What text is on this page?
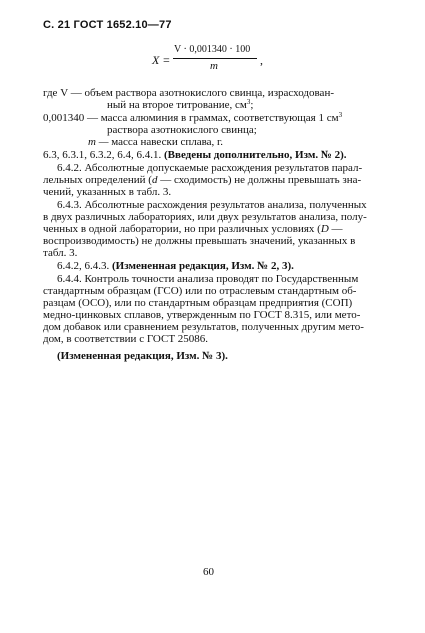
С. 21 ГОСТ 1652.10—77
X =
V · 0,001340 · 100
m	,
где V — объем раствора азотнокислого свинца, израсходован-
ный на второе титрование, $см^3$;
0,001340 — масса алюминия в граммах, соответствующая 1 $см^3$
раствора азотнокислого свинца;
m — масса навески сплава, г.
6.3, 6.3.1, 6.3.2, 6.4, 6.4.1. (Введены дополнительно, Изм. № 2).
6.4.2. Абсолютные допускаемые расхождения результатов парал-
лельных определений (d — сходимость) не должны превышать зна-
чений, указанных в табл. 3.
6.4.3. Абсолютные расхождения результатов анализа, полученных
в двух различных лабораториях, или двух результатов анализа, полу-
ченных в одной лаборатории, но при различных условиях (D —
воспроизводимость) не должны превышать значений, указанных в
табл. 3.
6.4.2, 6.4.3. (Измененная редакция, Изм. № 2, 3).
6.4.4. Контроль точности анализа проводят по Государственным
стандартным образцам (ГСО) или по отраслевым стандартным об-
разцам (ОСО), или по стандартным образцам предприятия (СОП)
медно-цинковых сплавов, утвержденным по ГОСТ 8.315, или мето-
дом добавок или сравнением результатов, полученных другим мето-
дом, в соответствии с ГОСТ 25086.
(Измененная редакция, Изм. № 3).
60
